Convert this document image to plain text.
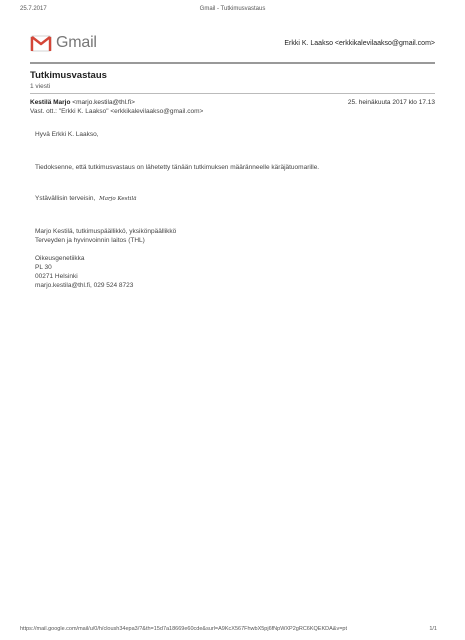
25.7.2017	Gmail - Tutkimusvastaus
Gmail	Erkki K. Laakso <erkkikalevilaakso@gmail.com>
Tutkimusvastaus
1 viesti
Kestilä Marjo <marjo.kestila@thl.fi>	25. heinäkuuta 2017 klo 17.13
Vast. ott.: "Erkki K. Laakso" <erkkikalevilaakso@gmail.com>
Hyvä Erkki K. Laakso,
Tiedoksenne, että tutkimusvastaus on lähetetty tänään tutkimuksen määränneelle käräjätuomarille.
Ystävällisin terveisin, Marjo Kestilä
Marjo Kestilä, tutkimuspäällikkö, yksikönpäällikkö
Terveyden ja hyvinvoinnin laitos (THL)
Oikeusgenetiikka
PL 30
00271 Helsinki
marjo.kestila@thl.fi, 029 524 8723
https://mail.google.com/mail/u/0/h/cloush34epa3/?&th=15d7a18669e60cde&surl=A9KcX567FhwbX5pj6fNpWXP2gRC6KQEKDA&v=pt	1/1
